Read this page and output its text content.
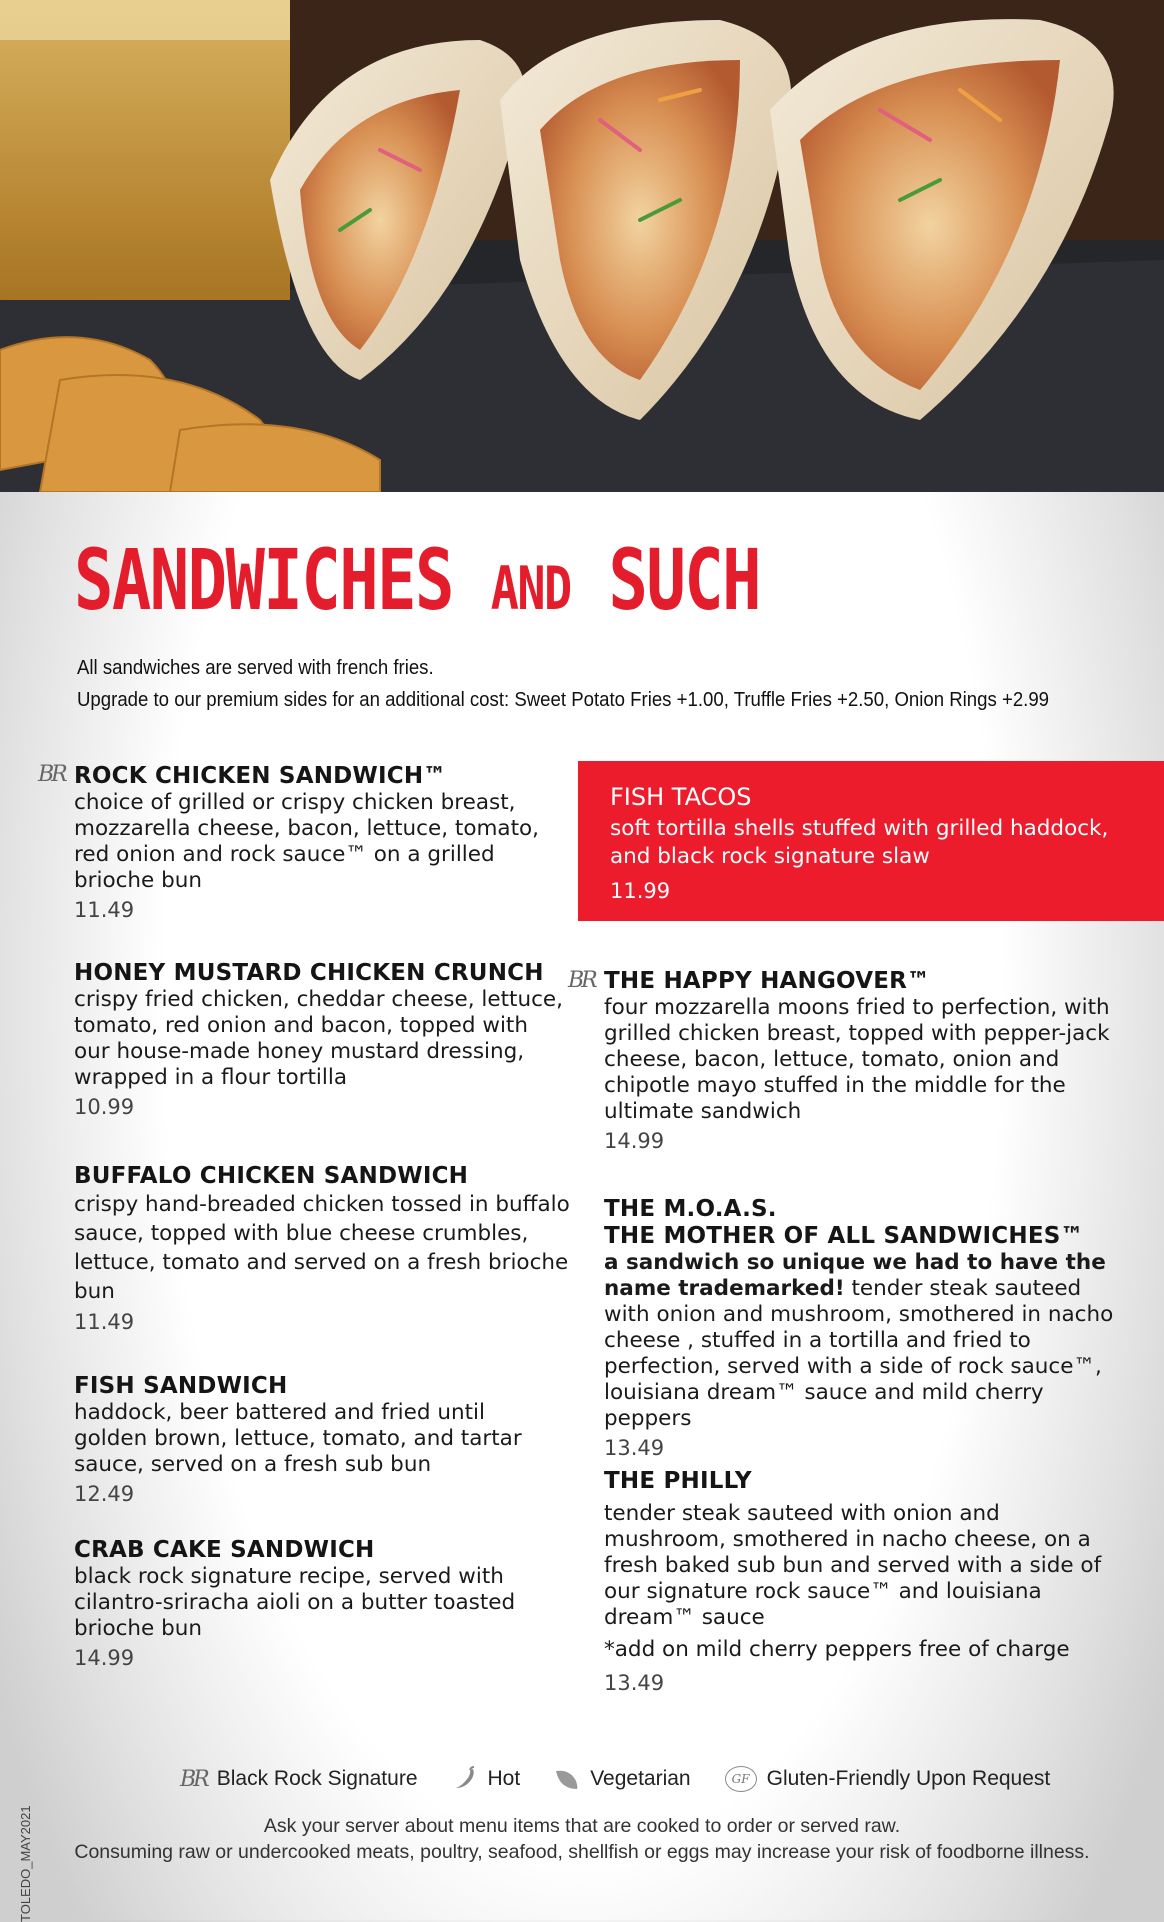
SANDWICHES AND SUCH
All sandwiches are served with french fries.
Upgrade to our premium sides for an additional cost: Sweet Potato Fries +1.00, Truffle Fries +2.50, Onion Rings +2.99
BR ROCK CHICKEN SANDWICH™

choice of grilled or crispy chicken breast, mozzarella cheese, bacon, lettuce, tomato, red onion and rock sauce™ on a grilled brioche bun

11.49
HONEY MUSTARD CHICKEN CRUNCH

crispy fried chicken, cheddar cheese, lettuce, tomato, red onion and bacon, topped with our house-made honey mustard dressing, wrapped in a flour tortilla

10.99
BUFFALO CHICKEN SANDWICH

crispy hand-breaded chicken tossed in buffalo sauce, topped with blue cheese crumbles, lettuce, tomato and served on a fresh brioche bun

11.49
FISH SANDWICH

haddock, beer battered and fried until golden brown, lettuce, tomato, and tartar sauce, served on a fresh sub bun

12.49
CRAB CAKE SANDWICH

black rock signature recipe, served with cilantro-sriracha aioli on a butter toasted brioche bun

14.99
FISH TACOS

soft tortilla shells stuffed with grilled haddock, and black rock signature slaw

11.99
BR THE HAPPY HANGOVER™

four mozzarella moons fried to perfection, with grilled chicken breast, topped with pepper-jack cheese, bacon, lettuce, tomato, onion and chipotle mayo stuffed in the middle for the ultimate sandwich

14.99
THE M.O.A.S.
THE MOTHER OF ALL SANDWICHES™

a sandwich so unique we had to have the name trademarked! tender steak sauteed with onion and mushroom, smothered in nacho cheese , stuffed in a tortilla and fried to perfection, served with a side of rock sauce™, louisiana dream™ sauce and mild cherry peppers

13.49
THE PHILLY

tender steak sauteed with onion and mushroom, smothered in nacho cheese, on a fresh baked sub bun and served with a side of our signature rock sauce™ and louisiana dream™ sauce

*add on mild cherry peppers free of charge

13.49
BR Black Rock Signature	Hot	Vegetarian	GF Gluten-Friendly Upon Request
Ask your server about menu items that are cooked to order or served raw.
Consuming raw or undercooked meats, poultry, seafood, shellfish or eggs may increase your risk of foodborne illness.
TOLEDO_MAY2021
